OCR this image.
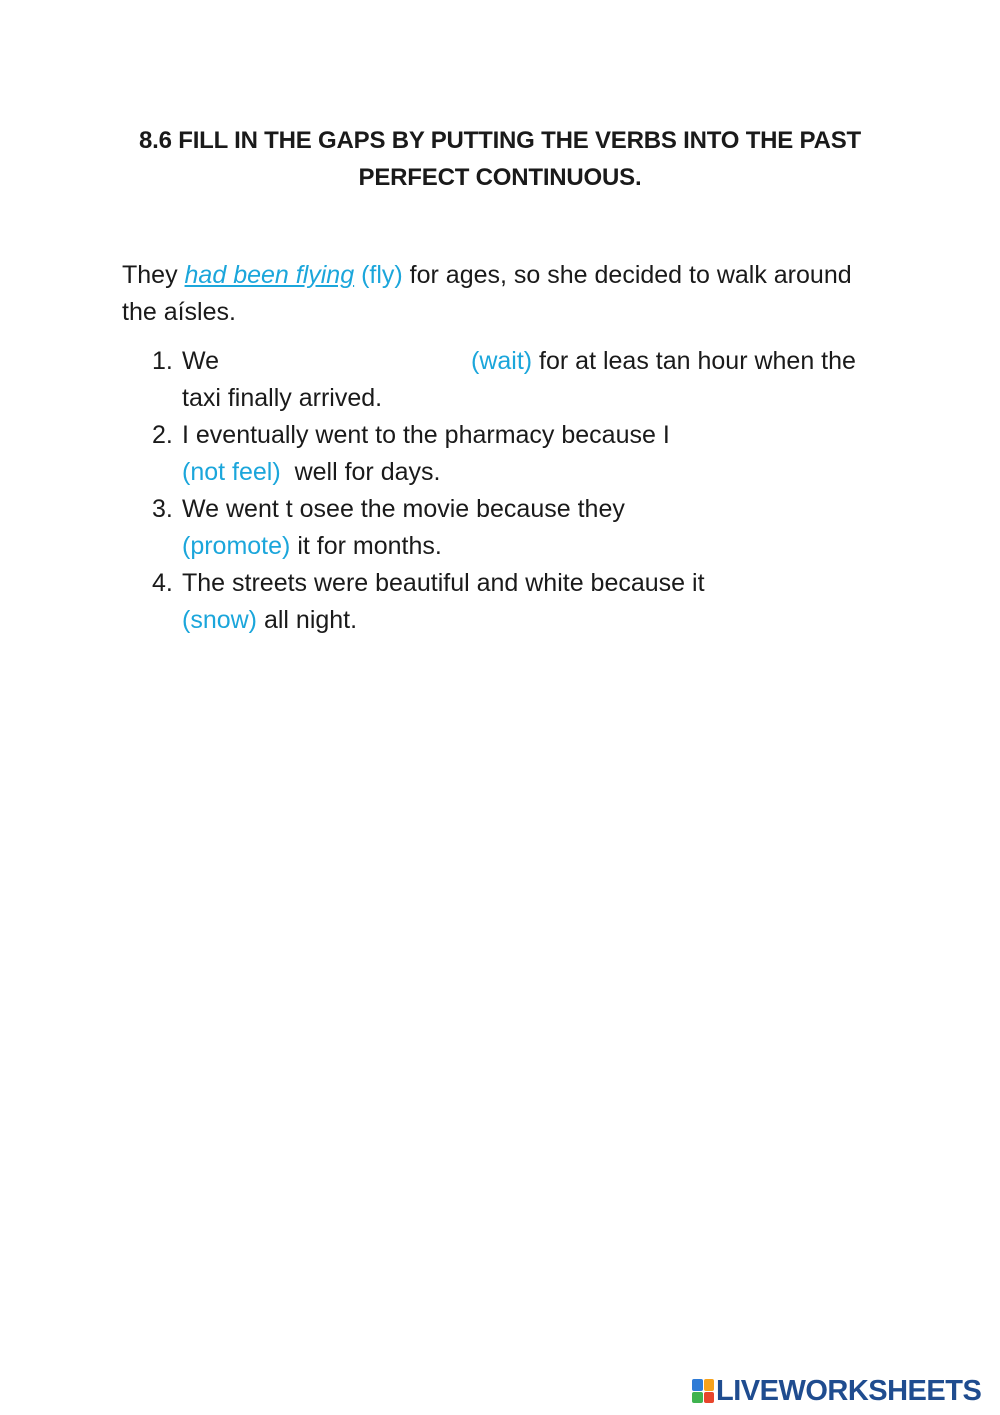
8.6 FILL IN THE GAPS BY PUTTING THE VERBS INTO THE PAST PERFECT CONTINUOUS.

They had been flying (fly) for ages, so she decided to walk around the aísles.

1. We	(wait) for at leas tan hour when the taxi finally arrived.
2. I eventually went to the pharmacy because I
(not feel)  well for days.
3. We went t osee the movie because they
(promote) it for months.
4. The streets were beautiful and white because it
(snow) all night.
LIVEWORKSHEETS
